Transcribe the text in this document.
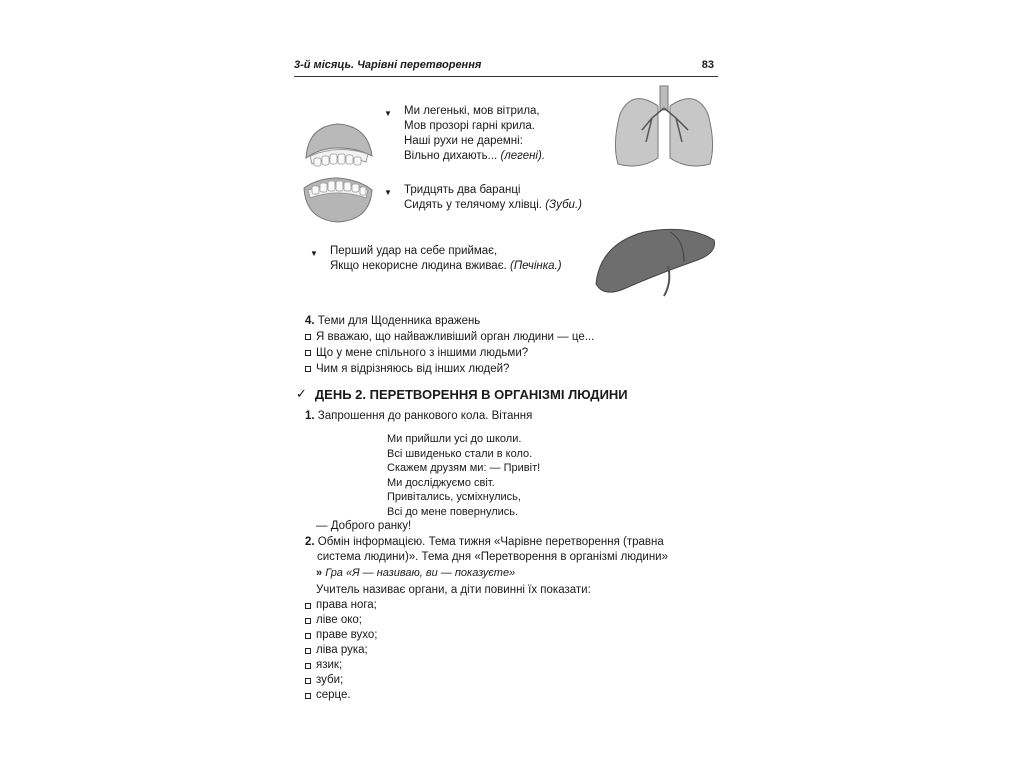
3-й місяць. Чарівні перетворення	83
▼ Ми легенькі, мов вітрила,
Мов прозорі гарні крила.
Наші рухи не даремні:
Вільно дихають... (легені).
▼ Тридцять два баранці
Сидять у телячому хлівці. (Зуби.)
▼ Перший удар на себе приймає,
Якщо некорисне людина вживає. (Печінка.)
4. Теми для Щоденника вражень
Я вважаю, що найважливіший орган людини — це...
Що у мене спільного з іншими людьми?
Чим я відрізняюсь від інших людей?
✓ ДЕНЬ 2. ПЕРЕТВОРЕННЯ В ОРГАНІЗМІ ЛЮДИНИ
1. Запрошення до ранкового кола. Вітання
Ми прийшли усі до школи.
Всі швиденько стали в коло.
Скажем друзям ми: — Привіт!
Ми досліджуємо світ.
Привітались, усміхнулись,
Всі до мене повернулись.
— Доброго ранку!
2. Обмін інформацією. Тема тижня «Чарівне перетворення (травна
система людини)». Тема дня «Перетворення в організмі людини»
» Гра «Я — називаю, ви — показуєте»
Учитель називає органи, а діти повинні їх показати:
права нога;
ліве око;
праве вухо;
ліва рука;
язик;
зуби;
серце.
